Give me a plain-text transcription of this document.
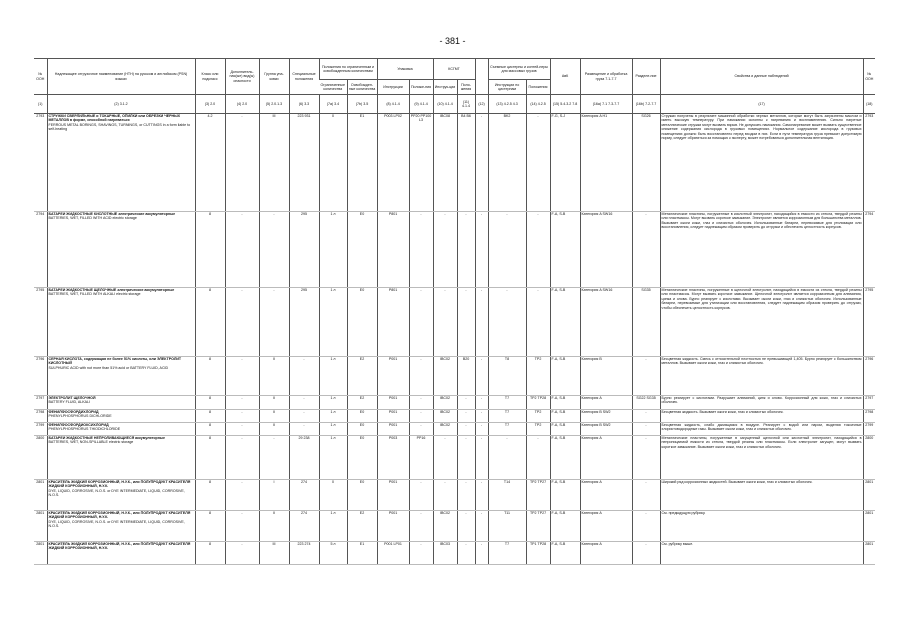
- 381 -
№ ООН	Надлежащее отгрузочное наименование (НТН) на русском и английском (PSN) языках	Класс или подкласс	Дополнитель-ная(ые) вид(ы) опасности	Группа упа-ковки	Специальные положения	Положения по ограниченным и освобожденным количествам		Упаковка		КСГМГ			Съемные цистерны и контей-неры для массовых грузов		АвК	Размещение и обработка груза 7.1-7.7	Разделе-ние	Свойства и данные наблюдений	№ ООН
						Ограниченные количества	Освобожден-ные количества	Инструкции	Положе-ния	Инструк-ции	Поло-жения		Инструкции по цистернам	Положения					
(1)	(2) 3.1.2	(3) 2.0	(4) 2.0	(5) 2.0.1.3	(6) 3.3	(7a) 3.4	(7b) 3.5	(8) 4.1.4	(9) 4.1.4	(10) 4.1.4	(11) 4.1.4	(12)	(13) 4.2.5 4.3	(14) 4.2.5	(15) 5.4.3.2 7.8	(16a) 7.1 7.3-7.7	(16b) 7.2-7.7	(17)	(18)
2793	СТРУЖКИ СВЕРЛИЛЬНЫЕ и ТОКАРНЫЕ, ОПИЛКИ или ОБРЕЗКИ ЧЕРНЫХ МЕТАЛЛОВ в форме, способной нагреваться
FERROUS METAL BORINGS, SHAVINGS, TURNINGS, or CUTTINGS in a form liable to self-heating	4.2	-	III	223 931	0	E1	P003 LP02	PP20 PP100 L3	IBC08	B4 B6	-	BK2	-	F-G, S-J	Категория A H1	SG26	Стружки получены в результате машинной обработки черных металлов, которые могут быть загрязнены маслом и иметь высокую температуру. При намокании склонны к нагреванию и воспламенению. Сильно нагретые металлические стружки могут вызвать взрыв. Не допускать намокания. Самонагревание может вызвать существенное снижение содержания кислорода в грузовых помещениях. Нормальное содержание кислорода в грузовых помещениях должно быть восстановлено перед входом в них. Если в пути температура груза превысит допустимую норму, следует обратиться за помощью к эксперту, может потребоваться дополнительная вентиляция.	2793
2794	БАТАРЕИ ЖИДКОСТНЫЕ КИСЛОТНЫЕ электрические аккумуляторные
BATTERIES, WET, FILLED WITH ACID electric storage	8	-	-	295	1 л	E0	P801	-	-	-	-	-	-	F-A, S-B	Категория A SW16	-	Металлические пластины, погруженные в кислотный электролит, находящийся в емкости из стекла, твердой резины или пластмассы. Могут вызвать короткое замыкание. Электролит является коррозионным для большинства металлов. Вызывает ожоги кожи, глаз и слизистых оболочек. Использованные батареи, перевозимые для утилизации или восстановления, следует надлежащим образом проверить до отгрузки и обеспечить целостность корпусов.	2794
2795	БАТАРЕИ ЖИДКОСТНЫЕ ЩЕЛОЧНЫЕ электрические аккумуляторные
BATTERIES, WET, FILLED WITH ALKALI electric storage	8	-	-	295	1 л	E0	P801	-	-	-	-	-	-	F-A, S-B	Категория A SW16	SG35	Металлические пластины, погруженные в щелочной электролит, находящийся в емкости из стекла, твердой резины или пластмассы. Могут вызвать короткое замыкание. Щелочной электролит является коррозионным для алюминия, цинка и олова. Бурно реагирует с кислотами. Вызывает ожоги кожи, глаз и слизистых оболочек. Использованные батареи, перевозимые для утилизации или восстановления, следует надлежащим образом проверить до отгрузки, чтобы обеспечить целостность корпусов.	2795
2796	СЕРНАЯ КИСЛОТА, содержащая не более 51% кислоты, или ЭЛЕКТРОЛИТ КИСЛОТНЫЙ
SULPHURIC ACID with not more than 51% acid or BATTERY FLUID, ACID	8	-	II	-	1 л	E2	P001	-	IBC02	B20	-	T8	TP2	F-A, S-B	Категория B	-	Бесцветная жидкость. Смесь с относительной плотностью не превышающей 1,405. Бурно реагирует с большинством металлов. Вызывает ожоги кожи, глаз и слизистых оболочек.	2796
2797	ЭЛЕКТРОЛИТ ЩЕЛОЧНОЙ
BATTERY FLUID, ALKALI	8	-	II	-	1 л	E2	P001	-	IBC02	-	-	T7	TP2 TP28	F-A, S-B	Категория A	SG22 SG35	Бурно реагирует с кислотами. Разрушает алюминий, цинк и олово. Коррозионный для кожи, глаз и слизистых оболочек.	2797
2798	ФЕНИЛФОСФОРДИХЛОРИД
PHENYLPHOSPHORUS DICHLORIDE	8	-	II	-	1 л	E0	P001	-	IBC02	-	-	T7	TP2	F-A, S-B	Категория B SW2	-	Бесцветная жидкость. Вызывает ожоги кожи, глаз и слизистых оболочек.	2798
2799	ФЕНИЛФОСФОРДИОКСИХЛОРИД
PHENYLPHOSPHORUS THIODICHLORIDE	8	-	II	-	1 л	E0	P001	-	IBC02	-	-	T7	TP2	F-A, S-B	Категория B SW2	-	Бесцветная жидкость, слабо дымящаяся в воздухе. Реагирует с водой или паром, выделяя токсичные хлористоводородные газы. Вызывает ожоги кожи, глаз и слизистых оболочек.	2799
2800	БАТАРЕИ ЖИДКОСТНЫЕ НЕПРОЛИВАЮЩИЕСЯ аккумуляторные
BATTERIES, WET, NON-SPILLABLE electric storage	8	-	-	29 238	1 л	E0	P003	PP16	-	-	-	-	-	F-A, S-B	Категория A	-	Металлические пластины, погруженные в загущенный щелочной или кислотный электролит, находящийся в непроницаемой емкости из стекла, твердой резины или пластмассы. Если электролит загущен, могут вызвать короткое замыкание. Вызывает ожоги кожи, глаз и слизистых оболочек.	2800
2801	КРАСИТЕЛЬ ЖИДКИЙ КОРРОЗИОННЫЙ, Н.У.К., или ПОЛУПРОДУКТ КРАСИТЕЛЯ ЖИДКИЙ КОРРОЗИОННЫЙ, Н.У.К.
DYE, LIQUID, CORROSIVE, N.O.S. or DYE INTERMEDIATE, LIQUID, CORROSIVE, N.O.S.	8	-	I	274	0	E0	P001	-	-	-	-	T14	TP2 TP27	F-A, S-B	Категория A	-	Широкий ряд коррозионных жидкостей. Вызывает ожоги кожи, глаз и слизистых оболочек.	2801
2801	КРАСИТЕЛЬ ЖИДКИЙ КОРРОЗИОННЫЙ, Н.У.К., или ПОЛУПРОДУКТ КРАСИТЕЛЯ ЖИДКИЙ КОРРОЗИОННЫЙ, Н.У.К.
DYE, LIQUID, CORROSIVE, N.O.S. or DYE INTERMEDIATE, LIQUID, CORROSIVE, N.O.S.	8	-	II	274	1 л	E2	P001	-	IBC02	-	-	T11	TP2 TP27	F-A, S-B	Категория A	-	См. предыдущую рубрику.	2801
2801	КРАСИТЕЛЬ ЖИДКИЙ КОРРОЗИОННЫЙ, Н.У.К., или ПОЛУПРОДУКТ КРАСИТЕЛЯ ЖИДКИЙ КОРРОЗИОННЫЙ, Н.У.К.	8	-	III	223 274	5 л	E1	P001 LP01	-	IBC03	-	-	T7	TP1 TP28	F-A, S-B	Категория A	-	См. рубрику выше.	2801
